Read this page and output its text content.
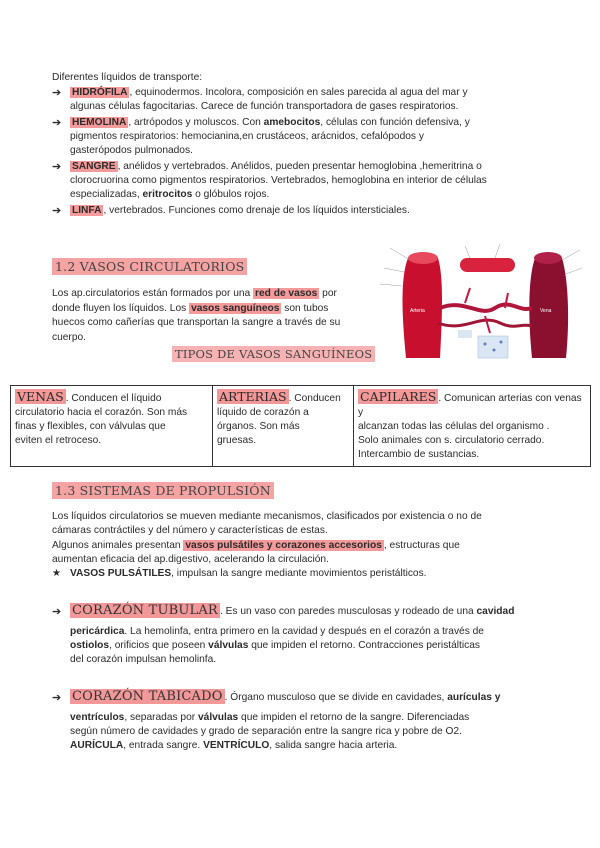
Diferentes líquidos de transporte:
➔	HIDRÓFILA , equinodermos. Incolora, composición en sales parecida al agua del mar y
algunas células fagocitarias. Carece de función transportadora de gases respiratorios.
➔	HEMOLINA , artrópodos y moluscos. Con amebocitos, células con función defensiva, y
pigmentos respiratorios: hemocianina,en crustáceos, arácnidos, cefalópodos y
gasterópodos pulmonados.
➔	SANGRE , anélidos y vertebrados. Anélidos, pueden presentar hemoglobina ,hemeritrina o
clorocruorina como pigmentos respiratorios. Vertebrados, hemoglobina en interior de células
especializadas, eritrocitos o glóbulos rojos.
➔	LINFA , vertebrados. Funciones como drenaje de los líquidos intersticiales.
1.2 VASOS CIRCULATORIOS
Los ap.circulatorios están formados por una red de vasos por
donde fluyen los líquidos. Los vasos sanguíneos son tubos
huecos como cañerías que transportan la sangre a través de su
cuerpo.
Arteria	Vena
TIPOS DE VASOS SANGUÍNEOS
VENAS . Conducen el líquido
circulatorio hacia el corazón. Son más
finas y flexibles, con válvulas que
eviten el retroceso.
ARTERIAS . Conducen
líquido de corazón a
órganos. Son más
gruesas.
CAPILARES . Comunican arterias con venas y
alcanzan todas las células del organismo .
Solo animales con s. circulatorio cerrado.
Intercambio de sustancias.
1.3 SISTEMAS DE PROPULSIÓN
Los líquidos circulatorios se mueven mediante mecanismos, clasificados por existencia o no de
cámaras contráctiles y del número y características de estas.
Algunos animales presentan vasos pulsátiles y corazones accesorios , estructuras que
aumentan eficacia del ap.digestivo, acelerando la circulación.
★ VASOS PULSÁTILES, impulsan la sangre mediante movimientos peristálticos.
➔ CORAZÓN TUBULAR . Es un vaso con paredes musculosas y rodeado de una cavidad
pericárdica. La hemolinfa, entra primero en la cavidad y después en el corazón a través de
ostiolos, orificios que poseen válvulas que impiden el retorno. Contracciones peristálticas
del corazón impulsan hemolinfa.
➔ CORAZÓN TABICADO . Órgano musculoso que se divide en cavidades, aurículas y
ventrículos, separadas por válvulas que impiden el retorno de la sangre. Diferenciadas
según número de cavidades y grado de separación entre la sangre rica y pobre de O2.
AURÍCULA, entrada sangre. VENTRÍCULO, salida sangre hacia arteria.
